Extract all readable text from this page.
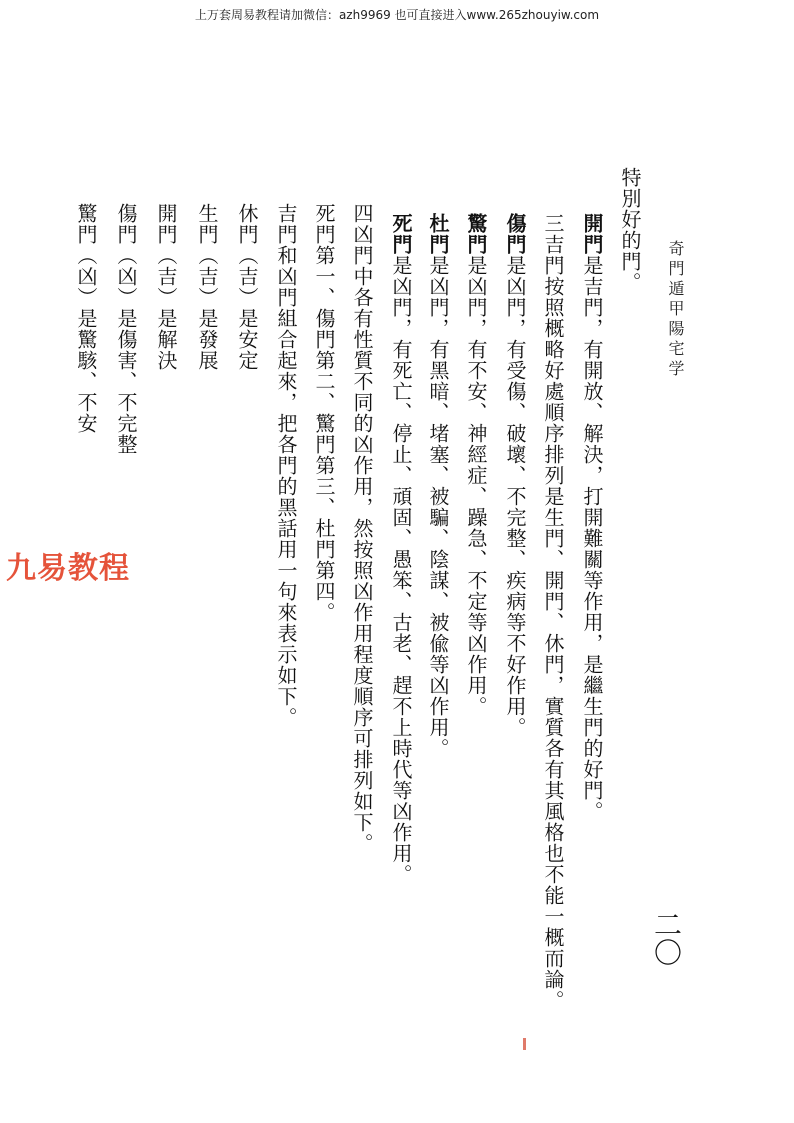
上万套周易教程请加微信：azh9969 也可直接进入www.265zhouyiw.com
奇門遁甲陽宅学
特別好的門。
開門是吉門，有開放、解決，打開難關等作用，是繼生門的好門。
三吉門按照概略好處順序排列是生門、開門、休門，實質各有其風格也不能一概而論。
傷門是凶門，有受傷、破壞、不完整、疾病等不好作用。
驚門是凶門，有不安、神經症、躁急、不定等凶作用。
杜門是凶門，有黑暗、堵塞、被騙、陰謀、被偸等凶作用。
死門是凶門，有死亡、停止、頑固、愚笨、古老、趕不上時代等凶作用。
四凶門中各有性質不同的凶作用，然按照凶作用程度順序可排列如下。
死門第一、傷門第二、驚門第三、杜門第四。
吉門和凶門組合起來，把各門的黑話用一句來表示如下。
休門（吉）是安定
生門（吉）是發展
開門（吉）是解決
傷門（凶）是傷害、不完整
驚門（凶）是驚駭、不安
二〇
九易教程
